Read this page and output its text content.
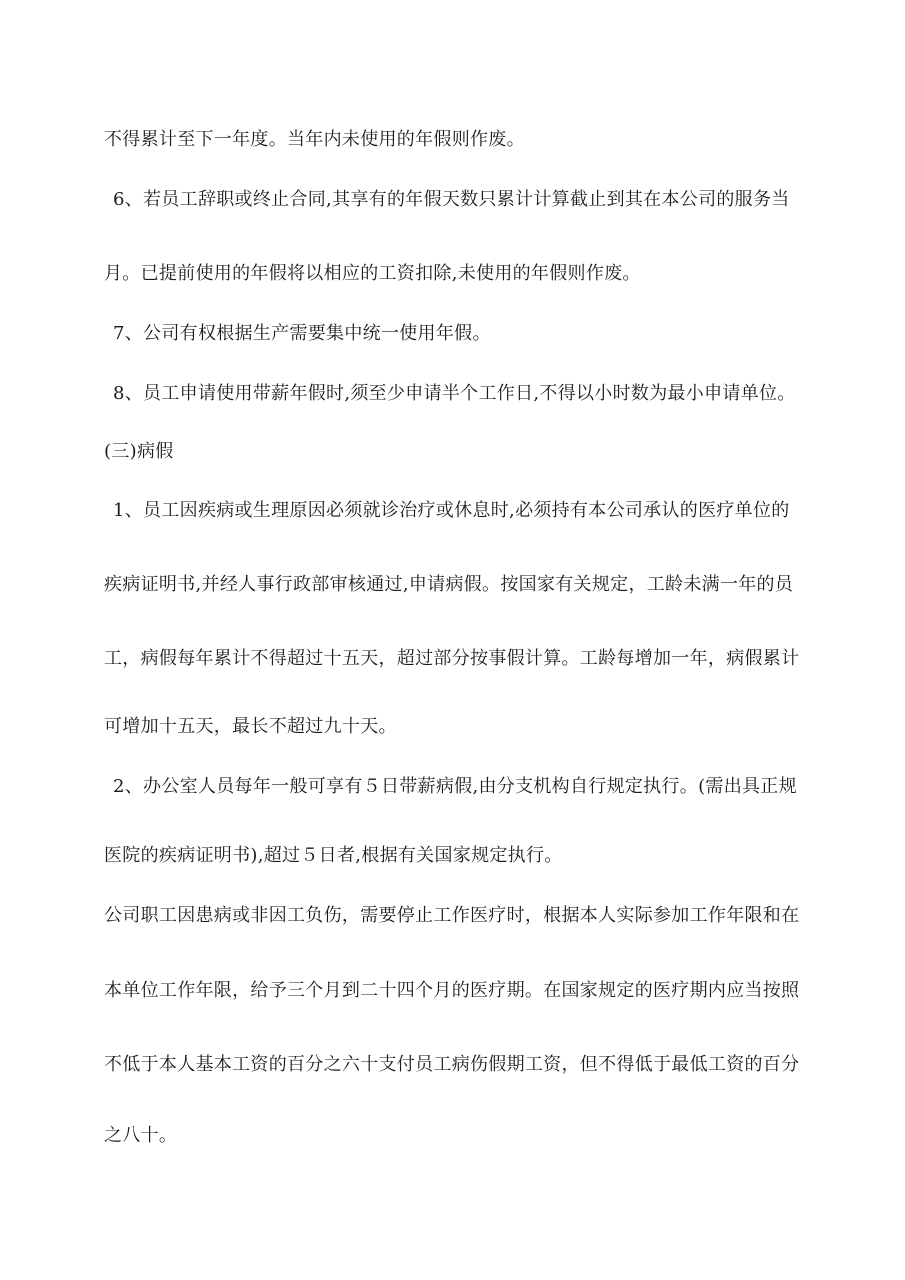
不得累计至下一年度。当年内未使用的年假则作废。
6、若员工辞职或终止合同,其享有的年假天数只累计计算截止到其在本公司的服务当
月。已提前使用的年假将以相应的工资扣除,未使用的年假则作废。
7、公司有权根据生产需要集中统一使用年假。
8、员工申请使用带薪年假时,须至少申请半个工作日,不得以小时数为最小申请单位。
(三)病假
1、员工因疾病或生理原因必须就诊治疗或休息时,必须持有本公司承认的医疗单位的
疾病证明书,并经人事行政部审核通过,申请病假。按国家有关规定，工龄未满一年的员
工，病假每年累计不得超过十五天，超过部分按事假计算。工龄每增加一年，病假累计
可增加十五天，最长不超过九十天。
2、办公室人员每年一般可享有５日带薪病假,由分支机构自行规定执行。(需出具正规
医院的疾病证明书),超过５日者,根据有关国家规定执行。
公司职工因患病或非因工负伤，需要停止工作医疗时，根据本人实际参加工作年限和在
本单位工作年限，给予三个月到二十四个月的医疗期。在国家规定的医疗期内应当按照
不低于本人基本工资的百分之六十支付员工病伤假期工资，但不得低于最低工资的百分
之八十。
